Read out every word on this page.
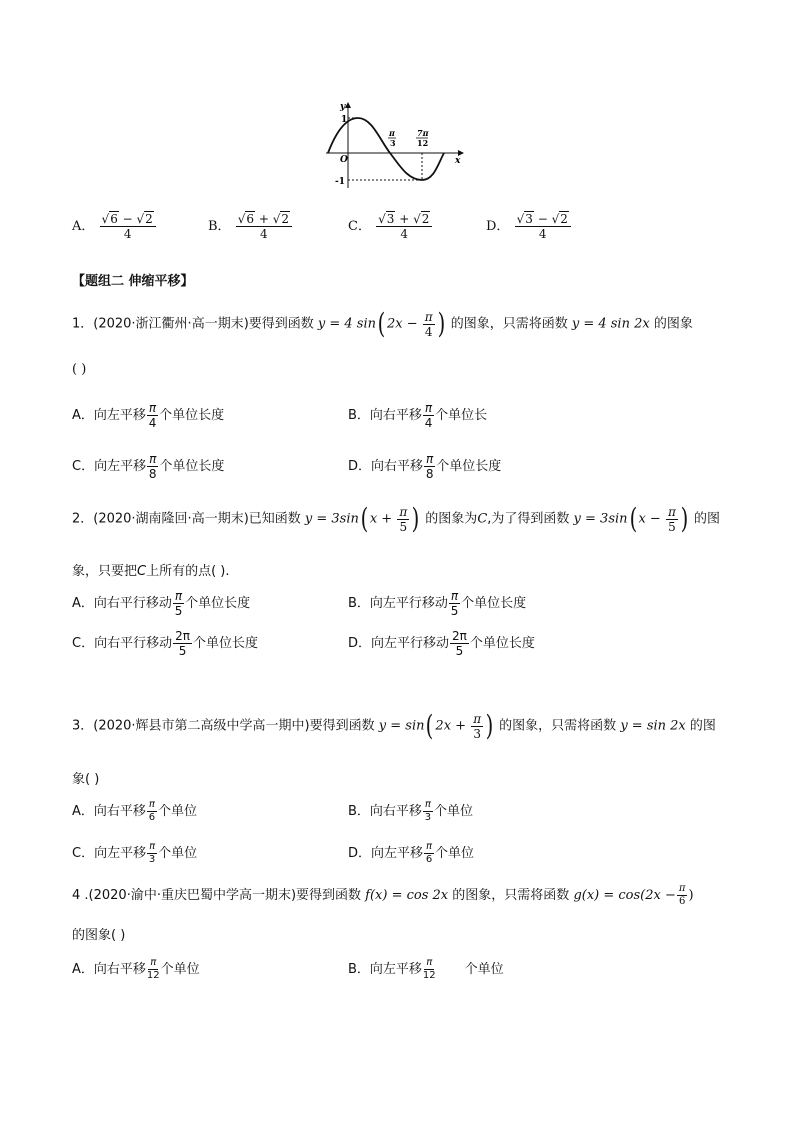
y
x
O
1
-1
π
3
7π
12
A． $\frac{√6 - √2}{4}$	B． $\frac{√6 + √2}{4}$	C． $\frac{√3 + √2}{4}$	D． $\frac{√3 - √2}{4}$
【题组二 伸缩平移】
1．(2020·浙江衢州·高一期末)要得到函数 y = 4 sin( $2x - \frac{\pi}{4}$ ) 的图象，只需将函数 y = 4 sin 2x 的图象
( )
A．向左平移 $\frac{\pi}{4}$ 个单位长度	B．向右平移 $\frac{\pi}{4}$ 个单位长
C．向左平移 $\frac{\pi}{8}$ 个单位长度	D．向右平移 $\frac{\pi}{8}$ 个单位长度
2．(2020·湖南隆回·高一期末)已知函数 y = 3sin( $x + \frac{\pi}{5}$ ) 的图象为C,为了得到函数 y = 3sin( $x - \frac{\pi}{5}$ ) 的图
象，只要把C上所有的点( ).
A．向右平行移动 $\frac{\pi}{5}$ 个单位长度	B．向左平行移动 $\frac{\pi}{5}$ 个单位长度
C．向右平行移动 $\frac{2\pi}{5}$ 个单位长度	D．向左平行移动 $\frac{2\pi}{5}$ 个单位长度
3．(2020·辉县市第二高级中学高一期中)要得到函数 y = sin( $2x + \frac{\pi}{3}$ ) 的图象，只需将函数 y = sin 2x 的图
象( )
A．向右平移 $\frac{\pi}{6}$ 个单位	B．向右平移 $\frac{\pi}{3}$ 个单位
C．向左平移 $\frac{\pi}{3}$ 个单位	D．向左平移 $\frac{\pi}{6}$ 个单位
4 .(2020·渝中·重庆巴蜀中学高一期末)要得到函数 f(x) = cos 2x 的图象，只需将函数 $g(x) = \cos(2x - \frac{\pi}{6}$ )
的图象( )
A．向右平移 $\frac{\pi}{12}$ 个单位	B．向左平移 $\frac{\pi}{12}$ 个单位
